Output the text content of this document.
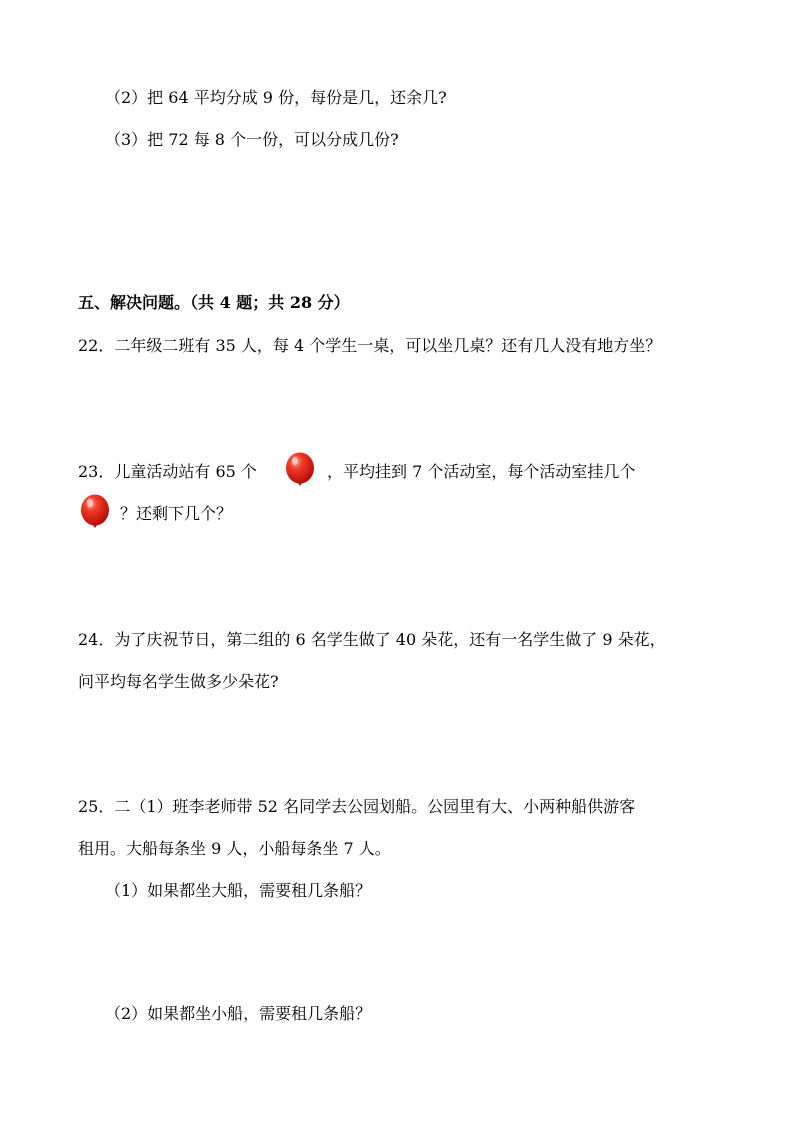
（2）把 64 平均分成 9 份，每份是几，还余几?
（3）把 72 每 8 个一份，可以分成几份?
五、解决问题。（共 4 题；共 28 分）
22．二年级二班有 35 人，每 4 个学生一桌，可以坐几桌？还有几人没有地方坐？
23．儿童活动站有 65 个	，平均挂到 7 个活动室，每个活动室挂几个
？还剩下几个？
24．为了庆祝节日，第二组的 6 名学生做了 40 朵花，还有一名学生做了 9 朵花，
问平均每名学生做多少朵花?
25．二（1）班李老师带 52 名同学去公园划船。公园里有大、小两种船供游客
租用。大船每条坐 9 人，小船每条坐 7 人。
（1）如果都坐大船，需要租几条船？
（2）如果都坐小船，需要租几条船？
